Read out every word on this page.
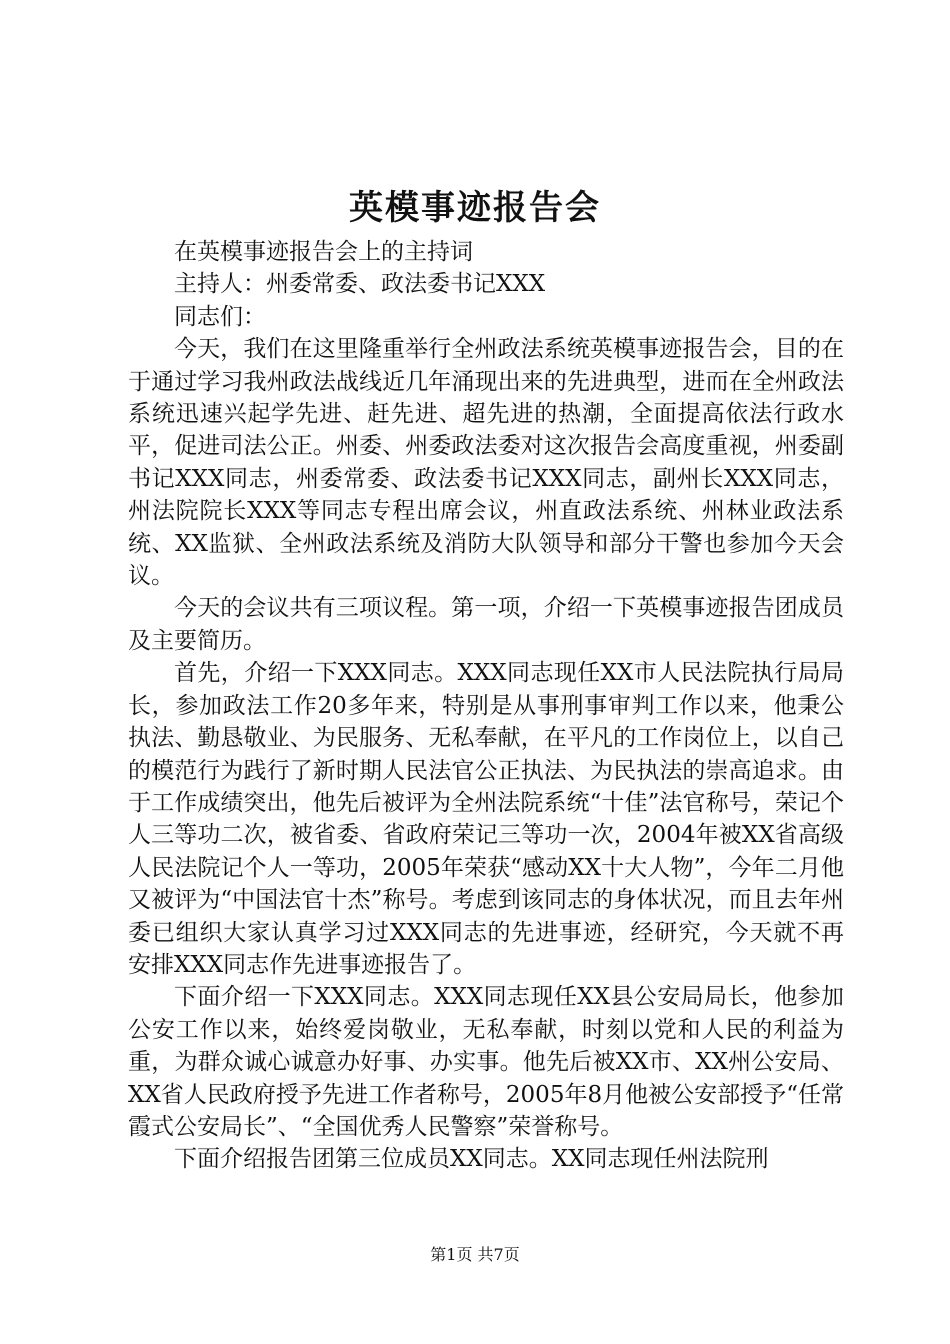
英模事迹报告会

在英模事迹报告会上的主持词

主持人：州委常委、政法委书记XXX

同志们：

今天，我们在这里隆重举行全州政法系统英模事迹报告会，目的在于通过学习我州政法战线近几年涌现出来的先进典型，进而在全州政法系统迅速兴起学先进、赶先进、超先进的热潮，全面提高依法行政水平，促进司法公正。州委、州委政法委对这次报告会高度重视，州委副书记XXX同志，州委常委、政法委书记XXX同志，副州长XXX同志，州法院院长XXX等同志专程出席会议，州直政法系统、州林业政法系统、XX监狱、全州政法系统及消防大队领导和部分干警也参加今天会议。

今天的会议共有三项议程。第一项，介绍一下英模事迹报告团成员及主要简历。

首先，介绍一下XXX同志。XXX同志现任XX市人民法院执行局局长，参加政法工作20多年来，特别是从事刑事审判工作以来，他秉公执法、勤恳敬业、为民服务、无私奉献，在平凡的工作岗位上，以自己的模范行为践行了新时期人民法官公正执法、为民执法的崇高追求。由于工作成绩突出，他先后被评为全州法院系统“十佳”法官称号，荣记个人三等功二次，被省委、省政府荣记三等功一次，2004年被XX省高级人民法院记个人一等功，2005年荣获“感动XX十大人物”，今年二月他又被评为“中国法官十杰”称号。考虑到该同志的身体状况，而且去年州委已组织大家认真学习过XXX同志的先进事迹，经研究，今天就不再安排XXX同志作先进事迹报告了。

下面介绍一下XXX同志。XXX同志现任XX县公安局局长，他参加公安工作以来，始终爱岗敬业，无私奉献，时刻以党和人民的利益为重，为群众诚心诚意办好事、办实事。他先后被XX市、XX州公安局、XX省人民政府授予先进工作者称号，2005年8月他被公安部授予“任常霞式公安局长”、“全国优秀人民警察”荣誉称号。

下面介绍报告团第三位成员XX同志。XX同志现任州法院刑

第1页 共7页
